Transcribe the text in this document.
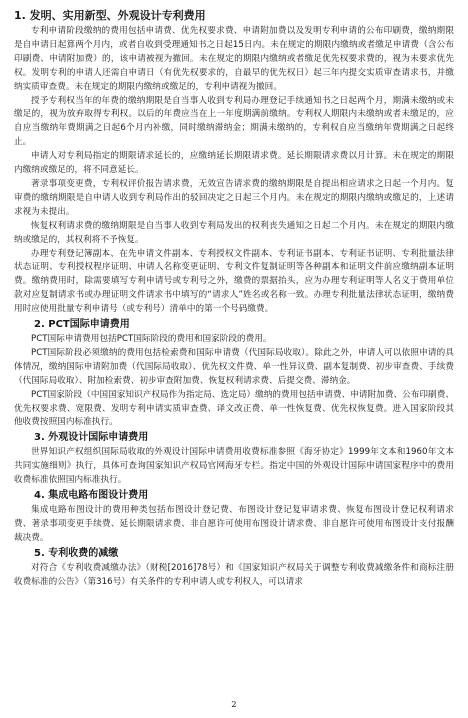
1. 发明、实用新型、外观设计专利费用

专利申请阶段缴纳的费用包括申请费、优先权要求费、申请附加费以及发明专利申请的公布印刷费，缴纳期限是自申请日起算两个月内，或者自收到受理通知书之日起15日内。未在规定的期限内缴纳或者缴足申请费（含公布印刷费、申请附加费）的，该申请被视为撤回。未在规定的期限内缴纳或者缴足优先权要求费的，视为未要求优先权。发明专利的申请人还需自申请日（有优先权要求的，自最早的优先权日）起三年内提交实质审查请求书，并缴纳实质审查费。未在规定的期限内缴纳或缴足的，专利申请视为撤回。

授予专利权当年的年费的缴纳期限是自当事人收到专利局办理登记手续通知书之日起两个月，期满未缴纳或未缴足的，视为放弃取得专利权。以后的年费应当在上一年度期满前缴纳。专利权人期限内未缴纳或者未缴足的，应自应当缴纳年费期满之日起6个月内补缴，同时缴纳滞纳金；期满未缴纳的，专利权自应当缴纳年费期满之日起终止。

申请人对专利局指定的期限请求延长的，应缴纳延长期限请求费。延长期限请求费以月计算。未在规定的期限内缴纳或缴足的，将不同意延长。

著录事项变更费，专利权评价报告请求费，无效宣告请求费的缴纳期限是自提出相应请求之日起一个月内。复审费的缴纳期限是自申请人收到专利局作出的驳回决定之日起三个月内。未在规定的期限内缴纳或缴足的，上述请求视为未提出。

恢复权利请求费的缴纳期限是自当事人收到专利局发出的权利丧失通知之日起二个月内。未在规定的期限内缴纳或缴足的，其权利将不予恢复。

办理专利登记簿副本、在先申请文件副本、专利授权文件副本、专利证书副本、专利证书证明、专利批量法律状态证明、专利授权程序证明、申请人名称变更证明、专利文件复制证明等各种副本和证明文件前应缴纳副本证明费。缴纳费用时，除需要填写专利申请号或专利号之外，缴费的票据抬头，应为办理专利证明等人名义于费用单位款对应复制请求书或办理证明文件请求书中填写的“请求人”姓名或名称一致。办理专利批量法律状态证明，缴纳费用时应使用批量专利申请号（或专利号）清单中的第一个号码缴费。

2. PCT国际申请费用

PCT国际申请费用包括PCT国际阶段的费用和国家阶段的费用。

PCT国际阶段必须缴纳的费用包括检索费和国际申请费（代国际局收取）。除此之外，申请人可以依照申请的具体情况，缴纳国际申请附加费（代国际局收取）、优先权文件费、单一性异议费、副本复制费、初步审查费、手续费（代国际局收取）、附加检索费、初步审查附加费、恢复权利请求费、后提交费、滞纳金。

PCT国家阶段（中国国家知识产权局作为指定局、选定局）缴纳的费用包括申请费、申请附加费、公布印刷费、优先权要求费、宽限费、发明专利申请实质审查费、译文改正费、单一性恢复费、优先权恢复费。进入国家阶段其他收费按照国内标准执行。

3. 外观设计国际申请费用

世界知识产权组织国际局收取的外观设计国际申请费用收费标准参照《海牙协定》1999年文本和1960年文本共同实施细则》执行，具体可查询国家知识产权局官网海牙专栏。指定中国的外观设计国际申请国家程序中的费用收费标准依照国内标准执行。

4. 集成电路布图设计费用

集成电路布图设计的费用种类包括布图设计登记费、布图设计登记复审请求费、恢复布图设计登记权利请求费、著录事项变更手续费、延长期限请求费、非自愿许可使用布图设计请求费、非自愿许可使用布图设计支付报酬裁决费。

5. 专利收费的减缴

对符合《专利收费减缴办法》（财税[2016]78号）和《国家知识产权局关于调整专利收费减缴条件和商标注册收费标准的公告》（第316号）有关条件的专利申请人或专利权人，可以请求

2
